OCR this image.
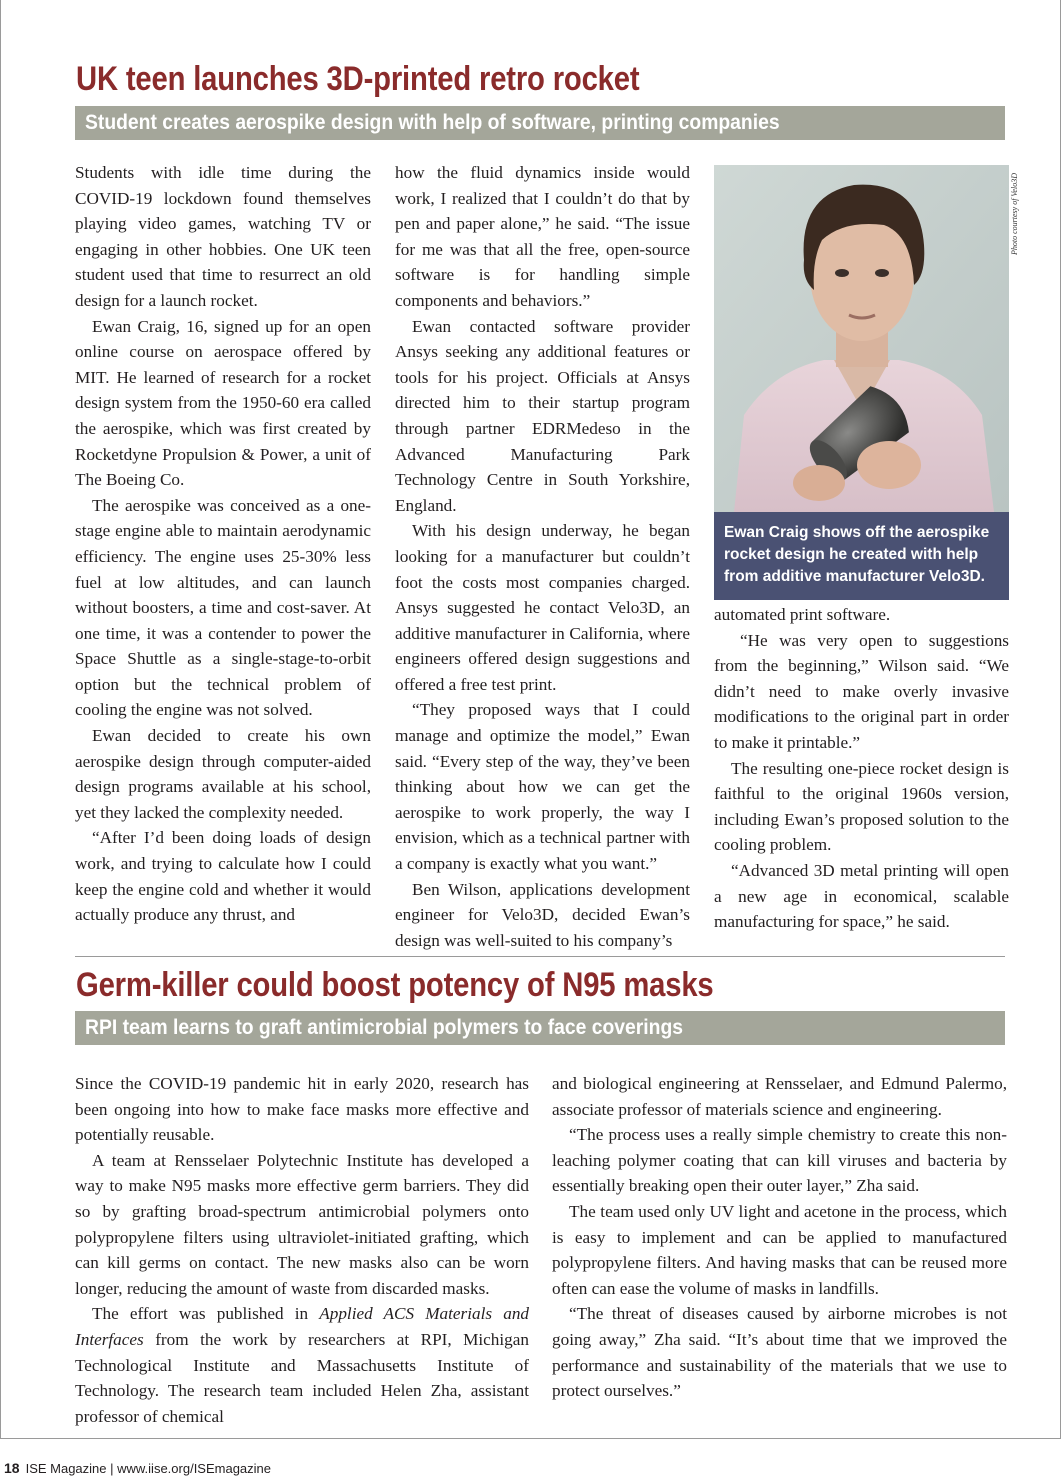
UK teen launches 3D-printed retro rocket
Student creates aerospike design with help of software, printing companies

Students with idle time during the COVID-19 lockdown found themselves playing video games, watching TV or engaging in other hobbies. One UK teen student used that time to resurrect an old design for a launch rocket.

Ewan Craig, 16, signed up for an open online course on aerospace offered by MIT. He learned of research for a rocket design system from the 1950-60 era called the aerospike, which was first created by Rocketdyne Propulsion & Power, a unit of The Boeing Co.

The aerospike was conceived as a one-stage engine able to maintain aerodynamic efficiency. The engine uses 25-30% less fuel at low altitudes, and can launch without boosters, a time and cost-saver. At one time, it was a contender to power the Space Shuttle as a single-stage-to-orbit option but the technical problem of cooling the engine was not solved.

Ewan decided to create his own aerospike design through computer-aided design programs available at his school, yet they lacked the complexity needed.

“After I’d been doing loads of design work, and trying to calculate how I could keep the engine cold and whether it would actually produce any thrust, and

how the fluid dynamics inside would work, I realized that I couldn’t do that by pen and paper alone,” he said. “The issue for me was that all the free, open-source software is for handling simple components and behaviors.”

Ewan contacted software provider Ansys seeking any additional features or tools for his project. Officials at Ansys directed him to their startup program through partner EDRMedeso in the Advanced Manufacturing Park Technology Centre in South Yorkshire, England.

With his design underway, he began looking for a manufacturer but couldn’t foot the costs most companies charged. Ansys suggested he contact Velo3D, an additive manufacturer in California, where engineers offered design suggestions and offered a free test print.

“They proposed ways that I could manage and optimize the model,” Ewan said. “Every step of the way, they’ve been thinking about how we can get the aerospike to work properly, the way I envision, which as a technical partner with a company is exactly what you want.”

Ben Wilson, applications development engineer for Velo3D, decided Ewan’s design was well-suited to his company’s

Photo courtesy of Velo3D
Ewan Craig shows off the aerospike rocket design he created with help from additive manufacturer Velo3D.

automated print software.

“He was very open to suggestions from the beginning,” Wilson said. “We didn’t need to make overly invasive modifications to the original part in order to make it printable.”

The resulting one-piece rocket design is faithful to the original 1960s version, including Ewan’s proposed solution to the cooling problem.

“Advanced 3D metal printing will open a new age in economical, scalable manufacturing for space,” he said.

Germ-killer could boost potency of N95 masks
RPI team learns to graft antimicrobial polymers to face coverings

Since the COVID-19 pandemic hit in early 2020, research has been ongoing into how to make face masks more effective and potentially reusable.

A team at Rensselaer Polytechnic Institute has developed a way to make N95 masks more effective germ barriers. They did so by grafting broad-spectrum antimicrobial polymers onto polypropylene filters using ultraviolet-initiated grafting, which can kill germs on contact. The new masks also can be worn longer, reducing the amount of waste from discarded masks.

The effort was published in Applied ACS Materials and Interfaces from the work by researchers at RPI, Michigan Technological Institute and Massachusetts Institute of Technology. The research team included Helen Zha, assistant professor of chemical

and biological engineering at Rensselaer, and Edmund Palermo, associate professor of materials science and engineering.

“The process uses a really simple chemistry to create this non-leaching polymer coating that can kill viruses and bacteria by essentially breaking open their outer layer,” Zha said.

The team used only UV light and acetone in the process, which is easy to implement and can be applied to manufactured polypropylene filters. And having masks that can be reused more often can ease the volume of masks in landfills.

“The threat of diseases caused by airborne microbes is not going away,” Zha said. “It’s about time that we improved the performance and sustainability of the materials that we use to protect ourselves.”

18 ISE Magazine | www.iise.org/ISEmagazine
